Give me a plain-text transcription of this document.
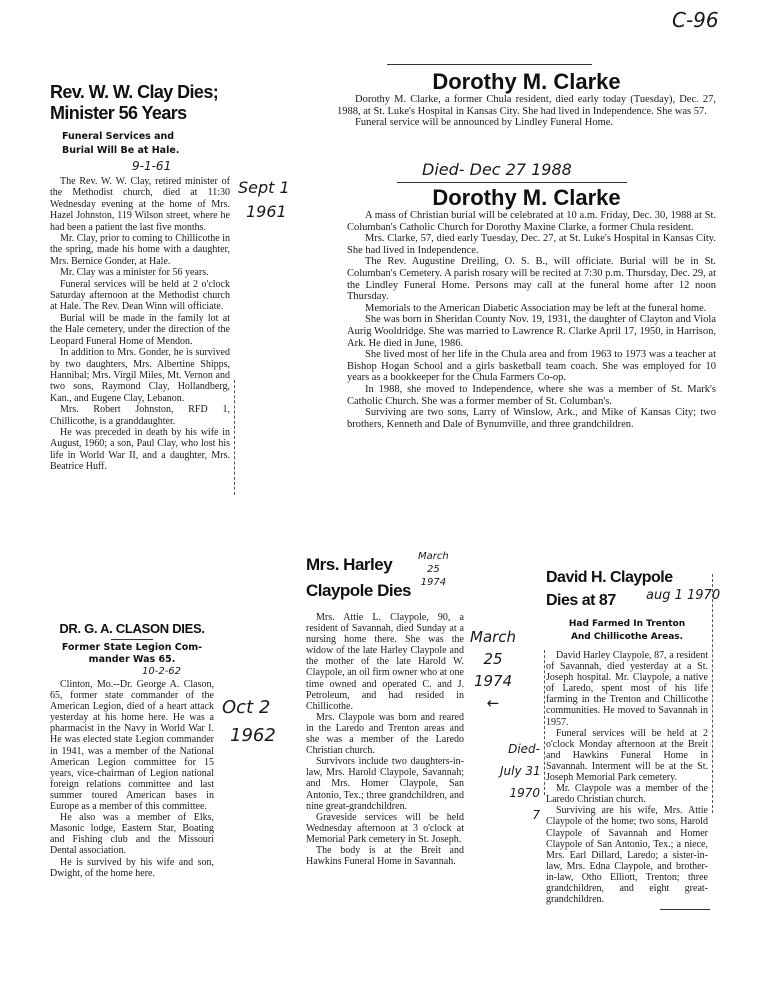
C-96
Rev. W. W. Clay Dies;
Minister 56 Years
Funeral Services and
Burial Will Be at Hale.
9-1-61

The Rev. W. W. Clay, retired minister of the Methodist church, died at 11:30 Wednesday evening at the home of Mrs. Hazel Johnston, 119 Wilson street, where he had been a patient the last five months.

Mr. Clay, prior to coming to Chillicothe in the spring, made his home with a daughter, Mrs. Bernice Gonder, at Hale.

Mr. Clay was a minister for 56 years.

Funeral services will be held at 2 o'clock Saturday afternoon at the Methodist church at Hale. The Rev. Dean Winn will officiate.

Burial will be made in the family lot at the Hale cemetery, under the direction of the Leopard Funeral Home of Mendon.

In addition to Mrs. Gonder, he is survived by two daughters, Mrs. Albertine Shipps, Hannibal; Mrs. Virgil Miles, Mt. Vernon and two sons, Raymond Clay, Hollandberg, Kan., and Eugene Clay, Lebanon.

Mrs. Robert Johnston, RFD 1, Chillicothe, is a granddaughter.

He was preceded in death by his wife in August, 1960; a son, Paul Clay, who lost his life in World War II, and a daughter, Mrs. Beatrice Huff.

Sept 1
1961
Dorothy M. Clarke

Dorothy M. Clarke, a former Chula resident, died early today (Tuesday), Dec. 27, 1988, at St. Luke's Hospital in Kansas City. She had lived in Independence. She was 57.

Funeral service will be announced by Lindley Funeral Home.

Died- Dec 27 1988
Dorothy M. Clarke

A mass of Christian burial will be celebrated at 10 a.m. Friday, Dec. 30, 1988 at St. Columban's Catholic Church for Dorothy Maxine Clarke, a former Chula resident.

Mrs. Clarke, 57, died early Tuesday, Dec. 27, at St. Luke's Hospital in Kansas City. She had lived in Independence.

The Rev. Augustine Dreiling, O. S. B., will officiate. Burial will be in St. Columban's Cemetery. A parish rosary will be recited at 7:30 p.m. Thursday, Dec. 29, at the Lindley Funeral Home. Persons may call at the funeral home after 12 noon Thursday.

Memorials to the American Diabetic Association may be left at the funeral home.

She was born in Sheridan County Nov. 19, 1931, the daughter of Clayton and Viola Aurig Wooldridge. She was married to Lawrence R. Clarke April 17, 1950, in Harrison, Ark. He died in June, 1986.

She lived most of her life in the Chula area and from 1963 to 1973 was a teacher at Bishop Hogan School and a girls basketball team coach. She was employed for 10 years as a bookkeeper for the Chula Farmers Co-op.

In 1988, she moved to Independence, where she was a member of St. Mark's Catholic Church. She was a former member of St. Columban's.

Surviving are two sons, Larry of Winslow, Ark., and Mike of Kansas City; two brothers, Kenneth and Dale of Bynumville, and three grandchildren.

DR. G. A. CLASON DIES.
Former State Legion Com-
mander Was 65.
10-2-62

Clinton, Mo.--Dr. George A. Clason, 65, former state commander of the American Legion, died of a heart attack yesterday at his home here. He was a pharmacist in the Navy in World War I. He was elected state Legion commander in 1941, was a member of the National American Legion committee for 15 years, vice-chairman of Legion national foreign relations committee and last summer toured American bases in Europe as a member of this committee.

He also was a member of Elks, Masonic lodge, Eastern Star, Boating and Fishing club and the Missouri Dental association.

He is survived by his wife and son, Dwight, of the home here.

Oct 2
1962
Mrs. Harley
Claypole Dies
March
25
1974

Mrs. Attie L. Claypole, 90, a resident of Savannah, died Sunday at a nursing home there. She was the widow of the late Harley Claypole and the mother of the late Harold W. Claypole, an oil firm owner who at one time owned and operated C. and J. Petroleum, and had resided in Chillicothe.

Mrs. Claypole was born and reared in the Laredo and Trenton areas and she was a member of the Laredo Christian church.

Survivors include two daughters-in-law, Mrs. Harold Claypole, Savannah; and Mrs. Homer Claypole, San Antonio, Tex.; three grandchildren, and nine great-grandchildren.

Graveside services will be held Wednesday afternoon at 3 o'clock at Memorial Park cemetery in St. Joseph.

The body is at the Breit and Hawkins Funeral Home in Savannah.

March
25
1974
←
David H. Claypole
Dies at 87	aug 1 1970
Had Farmed In Trenton
And Chillicothe Areas.

David Harley Claypole, 87, a resident of Savannah, died yesterday at a St. Joseph hospital. Mr. Claypole, a native of Laredo, spent most of his life farming in the Trenton and Chillicothe communities. He moved to Savannah in 1957.

Funeral services will be held at 2 o'clock Monday afternoon at the Breit and Hawkins Funeral Home in Savannah. Interment will be at the St. Joseph Memorial Park cemetery.

Mr. Claypole was a member of the Laredo Christian church.

Surviving are his wife, Mrs. Attie Claypole of the home; two sons, Harold Claypole of Savannah and Homer Claypole of San Antonio, Tex.; a niece, Mrs. Earl Dillard, Laredo; a sister-in-law, Mrs. Edna Claypole, and brother-in-law, Otho Elliott, Trenton; three grandchildren, and eight great-grandchildren.

Died-
July 31
1970
7
